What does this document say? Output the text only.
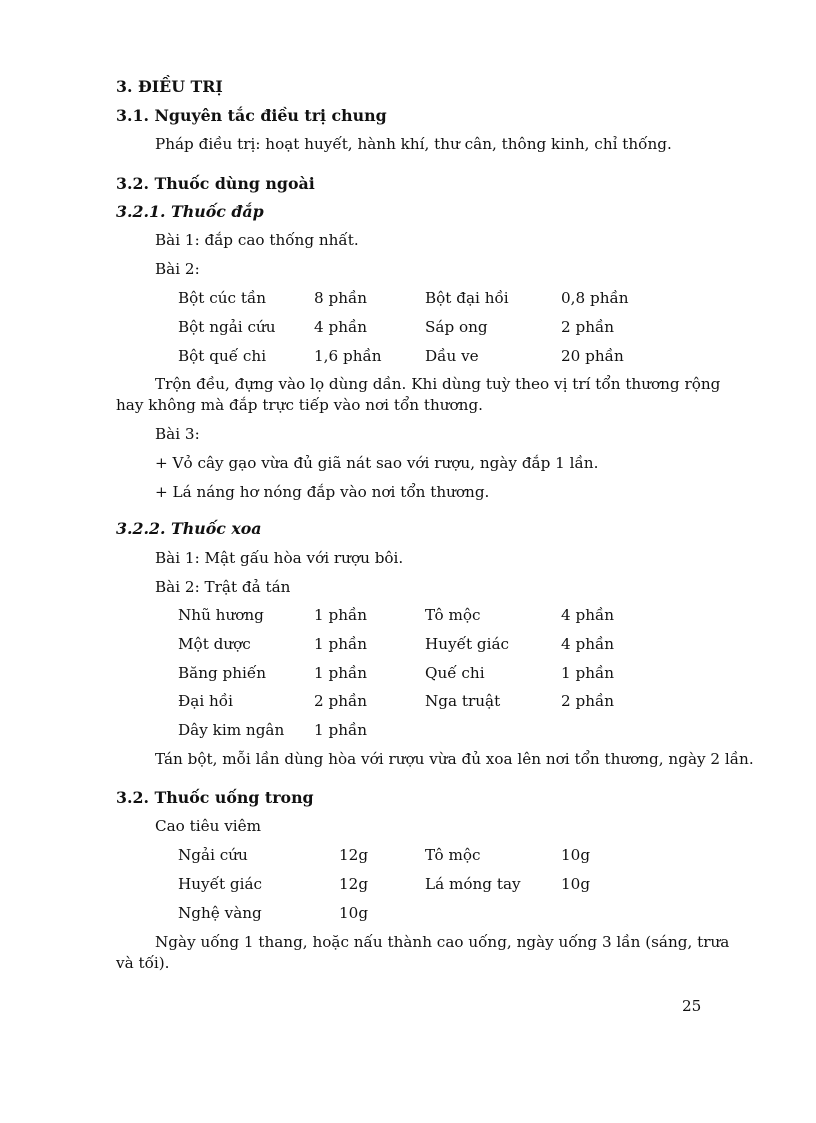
3. ĐIỀU TRỊ
3.1. Nguyên tắc điều trị chung

Pháp điều trị: hoạt huyết, hành khí, thư cân, thông kinh, chỉ thống.

3.2. Thuốc dùng ngoài
3.2.1. Thuốc đắp

Bài 1: đắp cao thống nhất.

Bài 2:

Bột cúc tần	8 phần	Bột đại hồi	0,8 phần
Bột ngải cứu	4 phần	Sáp ong	2 phần
Bột quế chi	1,6 phần	Dầu ve	20 phần

Trộn đều, đựng vào lọ dùng dần. Khi dùng tuỳ theo vị trí tổn thương rộng

hay không mà đắp trực tiếp vào nơi tổn thương.

Bài 3:

+ Vỏ cây gạo vừa đủ giã nát sao với rượu, ngày đắp 1 lần.

+ Lá náng hơ nóng đắp vào nơi tổn thương.

3.2.2. Thuốc xoa

Bài 1: Mật gấu hòa với rượu bôi.

Bài 2: Trật đả tán

Nhũ hương	1 phần	Tô mộc	4 phần
Một dược	1 phần	Huyết giác	4 phần
Băng phiến	1 phần	Quế chi	1 phần
Đại hồi	2 phần	Nga truật	2 phần
Dây kim ngân 1 phần

Tán bột, mỗi lần dùng hòa với rượu vừa đủ xoa lên nơi tổn thương, ngày 2 lần.

3.2. Thuốc uống trong

Cao tiêu viêm

Ngải cứu	12g	Tô mộc	10g
Huyết giác	12g	Lá móng tay	10g
Nghệ vàng	10g

Ngày uống 1 thang, hoặc nấu thành cao uống, ngày uống 3 lần (sáng, trưa

và tối).

25
